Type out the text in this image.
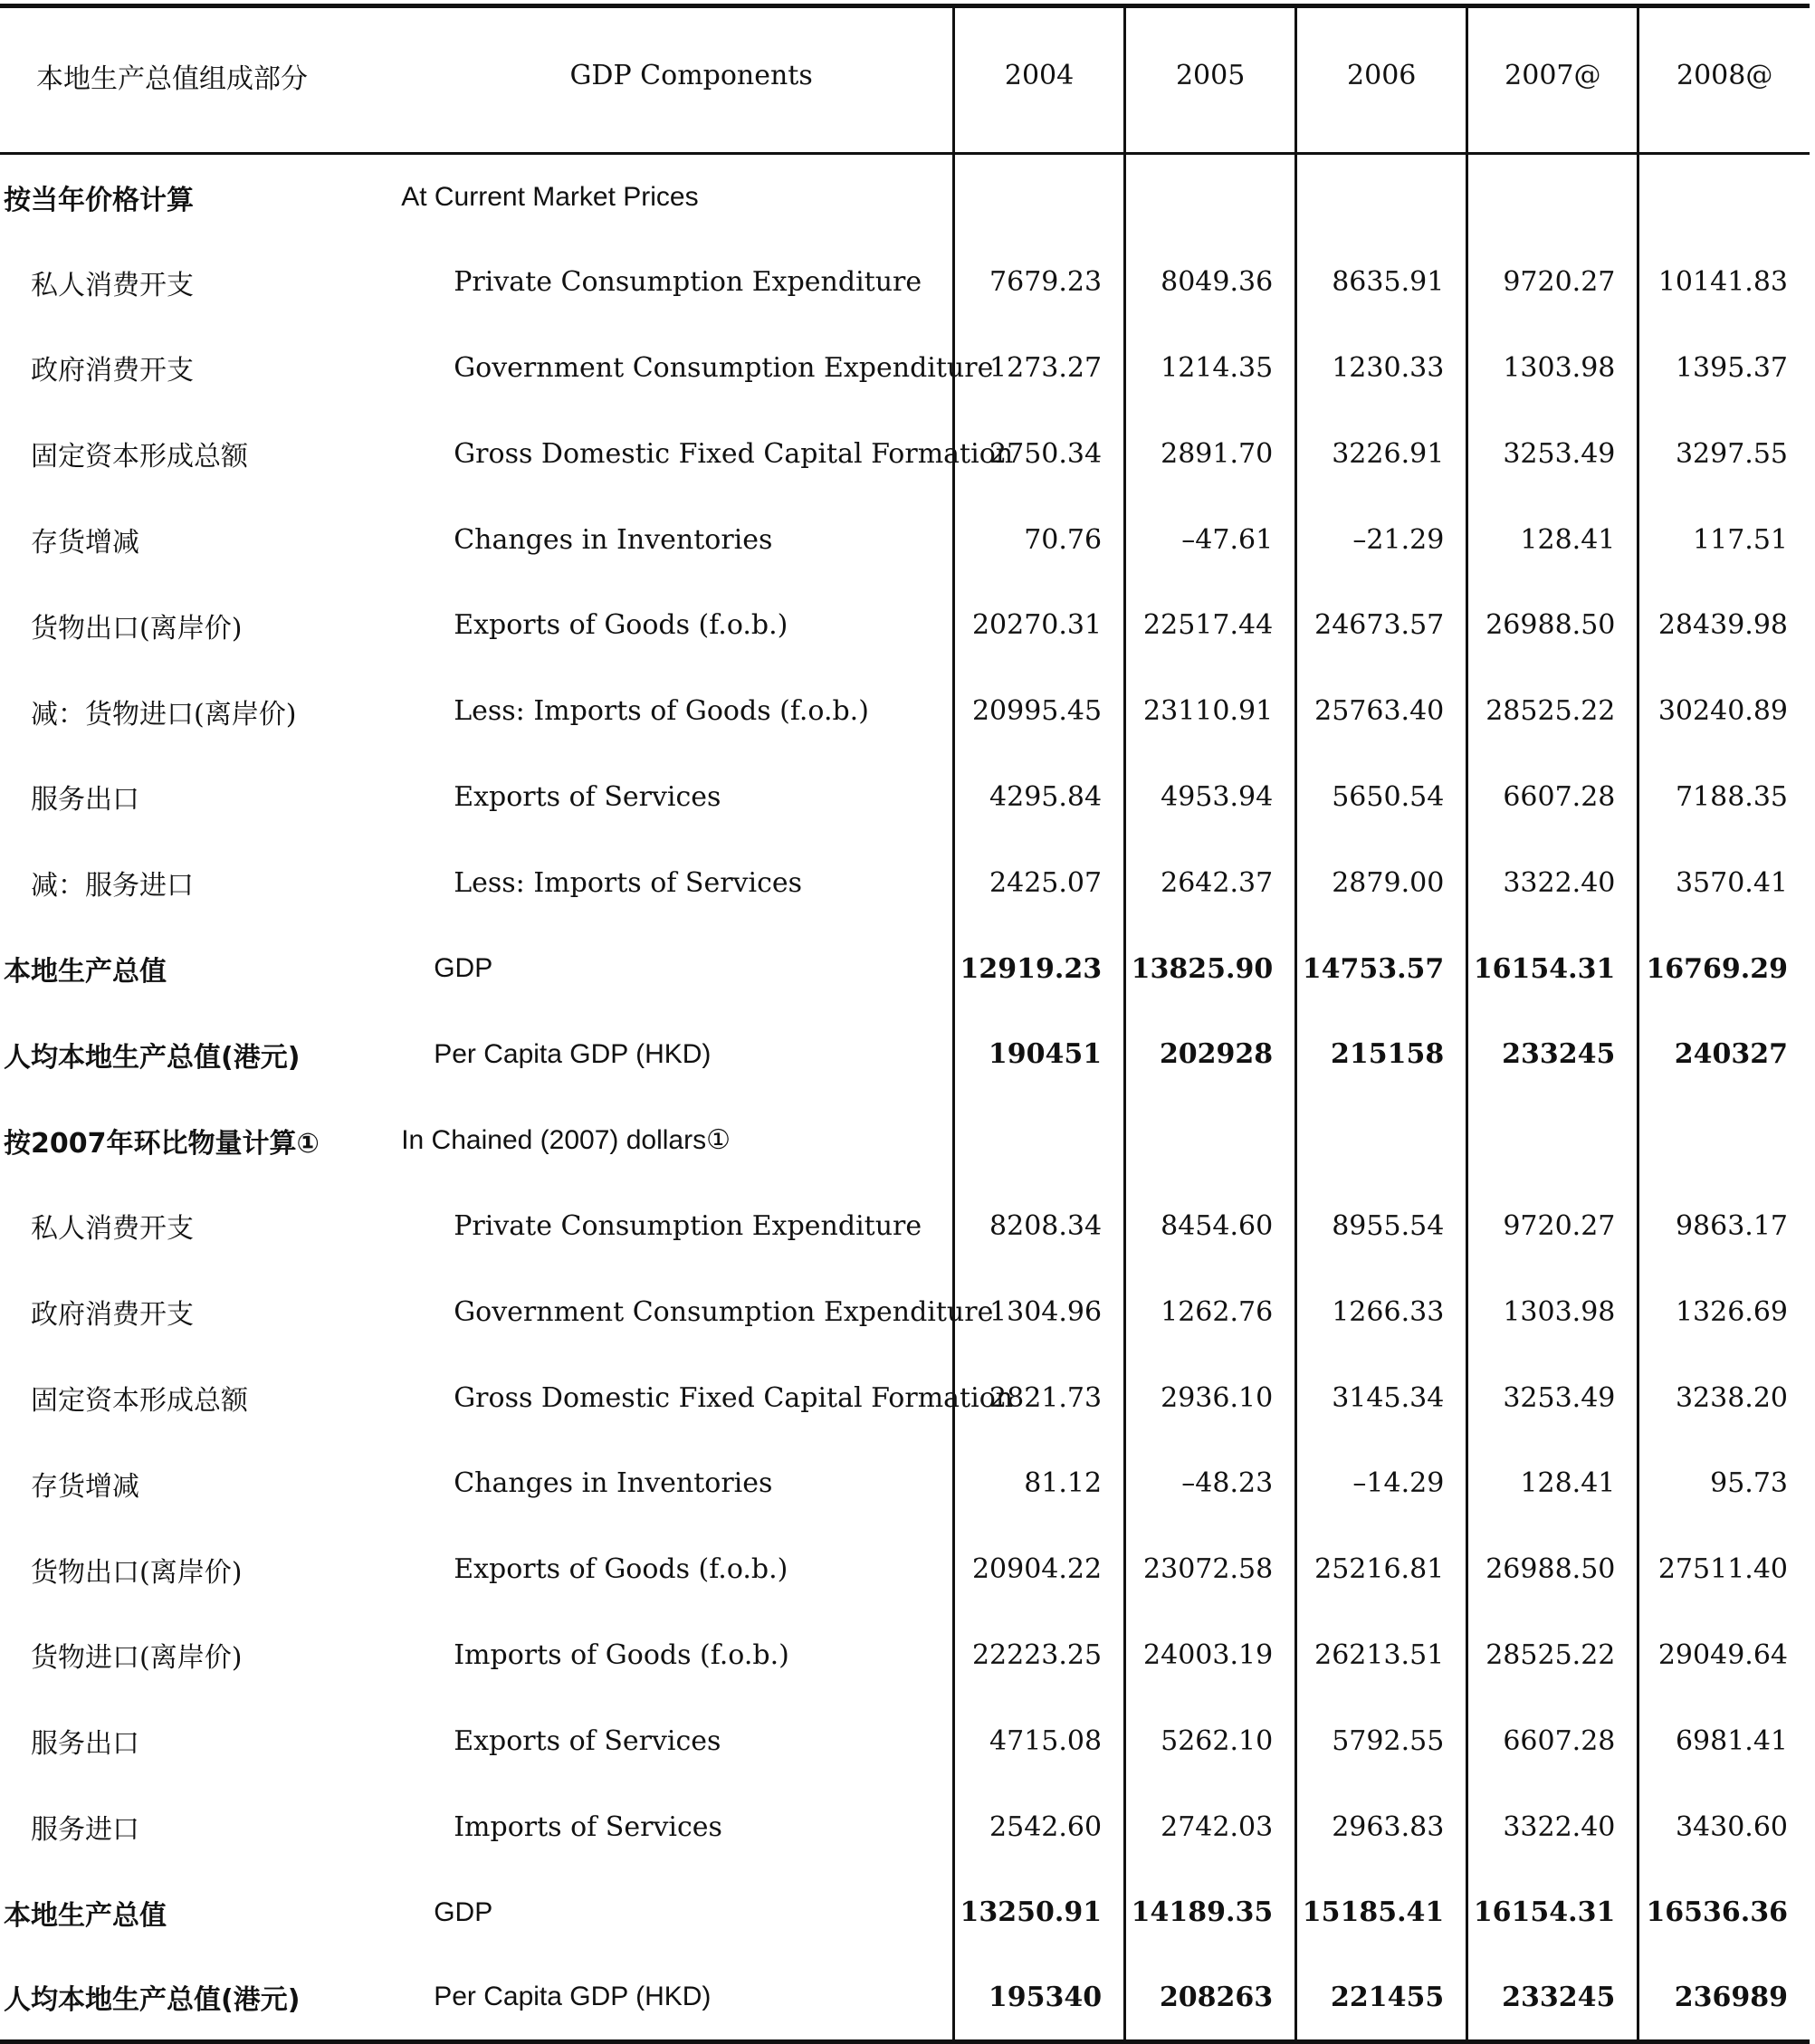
本地生产总值组成部分	GDP Components	2004	2005	2006	2007@	2008@
按当年价格计算	At Current Market Prices					
私人消费开支	Private Consumption Expenditure	7679.23	8049.36	8635.91	9720.27	10141.83
政府消费开支	Government Consumption Expenditure	1273.27	1214.35	1230.33	1303.98	1395.37
固定资本形成总额	Gross Domestic Fixed Capital Formation	2750.34	2891.70	3226.91	3253.49	3297.55
存货增减	Changes in Inventories	70.76	–47.61	–21.29	128.41	117.51
货物出口(离岸价)	Exports of Goods (f.o.b.)	20270.31	22517.44	24673.57	26988.50	28439.98
减：货物进口(离岸价)	Less: Imports of Goods (f.o.b.)	20995.45	23110.91	25763.40	28525.22	30240.89
服务出口	Exports of Services	4295.84	4953.94	5650.54	6607.28	7188.35
减：服务进口	Less: Imports of Services	2425.07	2642.37	2879.00	3322.40	3570.41
本地生产总值	GDP	12919.23	13825.90	14753.57	16154.31	16769.29
人均本地生产总值(港元)	Per Capita GDP (HKD)	190451	202928	215158	233245	240327
按2007年环比物量计算①	In Chained (2007) dollars①					
私人消费开支	Private Consumption Expenditure	8208.34	8454.60	8955.54	9720.27	9863.17
政府消费开支	Government Consumption Expenditure	1304.96	1262.76	1266.33	1303.98	1326.69
固定资本形成总额	Gross Domestic Fixed Capital Formation	2821.73	2936.10	3145.34	3253.49	3238.20
存货增减	Changes in Inventories	81.12	–48.23	–14.29	128.41	95.73
货物出口(离岸价)	Exports of Goods (f.o.b.)	20904.22	23072.58	25216.81	26988.50	27511.40
货物进口(离岸价)	Imports of Goods (f.o.b.)	22223.25	24003.19	26213.51	28525.22	29049.64
服务出口	Exports of Services	4715.08	5262.10	5792.55	6607.28	6981.41
服务进口	Imports of Services	2542.60	2742.03	2963.83	3322.40	3430.60
本地生产总值	GDP	13250.91	14189.35	15185.41	16154.31	16536.36
人均本地生产总值(港元)	Per Capita GDP (HKD)	195340	208263	221455	233245	236989
